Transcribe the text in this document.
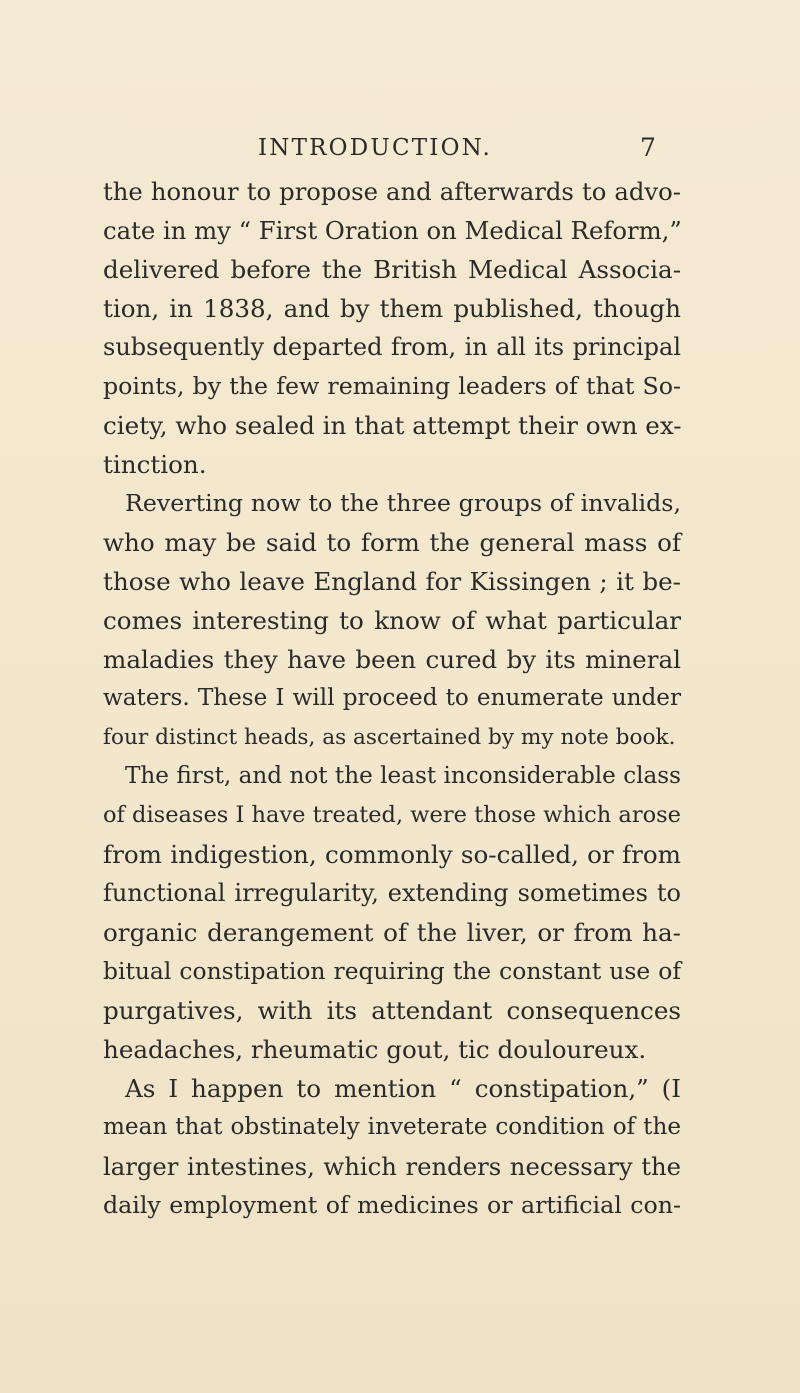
INTRODUCTION.	7
the honour to propose and afterwards to advo-
cate in my “ First Oration on Medical Reform,”
delivered before the British Medical Associa-
tion, in 1838, and by them published, though
subsequently departed from, in all its principal
points, by the few remaining leaders of that So-
ciety, who sealed in that attempt their own ex-
tinction.
Reverting now to the three groups of invalids,
who may be said to form the general mass of
those who leave England for Kissingen ; it be-
comes interesting to know of what particular
maladies they have been cured by its mineral
waters. These I will proceed to enumerate under
four distinct heads, as ascertained by my note book.
The first, and not the least inconsiderable class
of diseases I have treated, were those which arose
from indigestion, commonly so-called, or from
functional irregularity, extending sometimes to
organic derangement of the liver, or from ha-
bitual constipation requiring the constant use of
purgatives, with its attendant consequences
headaches, rheumatic gout, tic douloureux.
As I happen to mention “ constipation,” (I
mean that obstinately inveterate condition of the
larger intestines, which renders necessary the
daily employment of medicines or artificial con-
